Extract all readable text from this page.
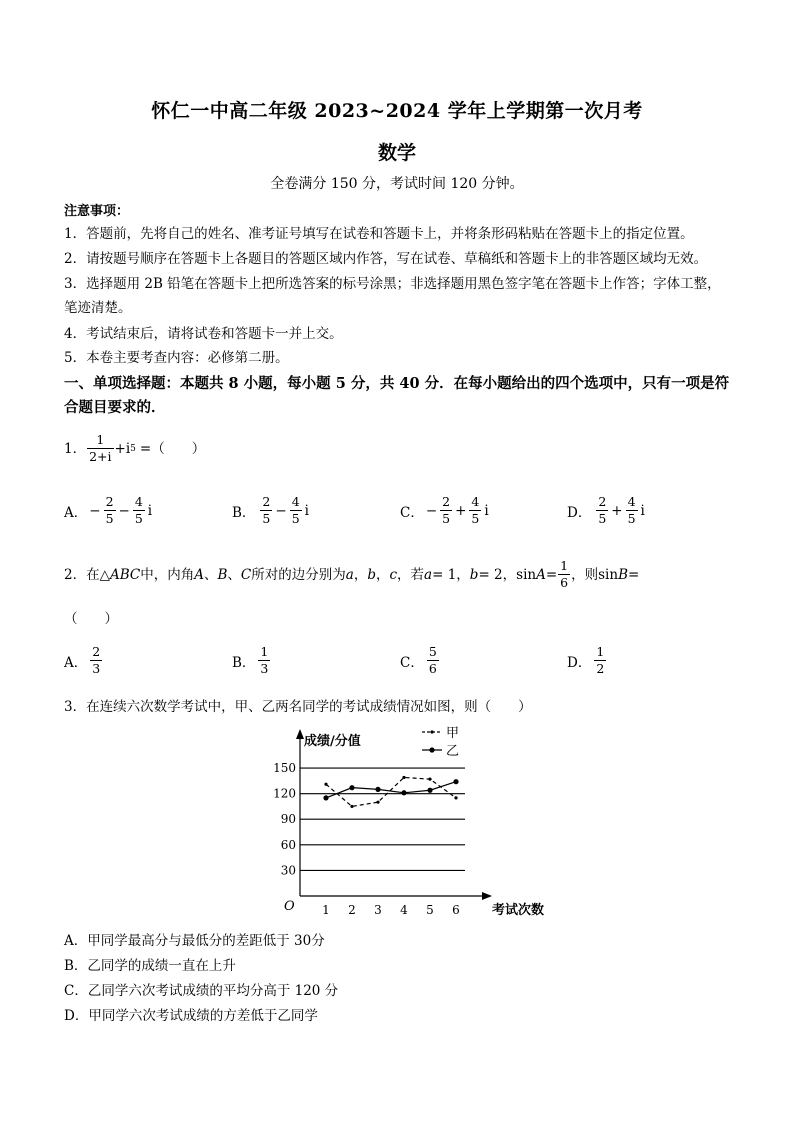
怀仁一中高二年级 2023~2024 学年上学期第一次月考
数学
全卷满分 150 分，考试时间 120 分钟。
注意事项：
1．答题前，先将自己的姓名、准考证号填写在试卷和答题卡上，并将条形码粘贴在答题卡上的指定位置。
2．请按题号顺序在答题卡上各题目的答题区域内作答，写在试卷、草稿纸和答题卡上的非答题区域均无效。
3．选择题用 2B 铅笔在答题卡上把所选答案的标号涂黑；非选择题用黑色签字笔在答题卡上作答；字体工整，笔迹清楚。
4．考试结束后，请将试卷和答题卡一并上交。
5．本卷主要考查内容：必修第二册。
一、单项选择题：本题共 8 小题，每小题 5 分，共 40 分．在每小题给出的四个选项中，只有一项是符合题目要求的．
1． $\frac{1}{2+i} +i$ 5 =（　　）
A． − $\frac{2}{5} - \frac{4}{5}$ i	B． $\frac{2}{5} - \frac{4}{5}$ i	C． − $\frac{2}{5} + \frac{4}{5}$ i	D． $\frac{2}{5} + \frac{4}{5}$ i
2．在△ ABC 中，内角 A 、 B 、 C 所对的边分别为 a ， b ， c ，若 a = 1， b = 2，$\sin A = \frac{1}{6}$ ，则sin B =
（　　）
A． $\frac{2}{3}$	B． $\frac{1}{3}$	C． $\frac{5}{6}$	D． $\frac{1}{2}$
3．在连续六次数学考试中，甲、乙两名同学的考试成绩情况如图，则（　　）
成绩/分值
考试次数
O
30
60
90
120
150
1 2 3 4 5 6
甲
乙
A．甲同学最高分与最低分的差距低于 30分
B．乙同学的成绩一直在上升
C．乙同学六次考试成绩的平均分高于 120 分
D．甲同学六次考试成绩的方差低于乙同学
